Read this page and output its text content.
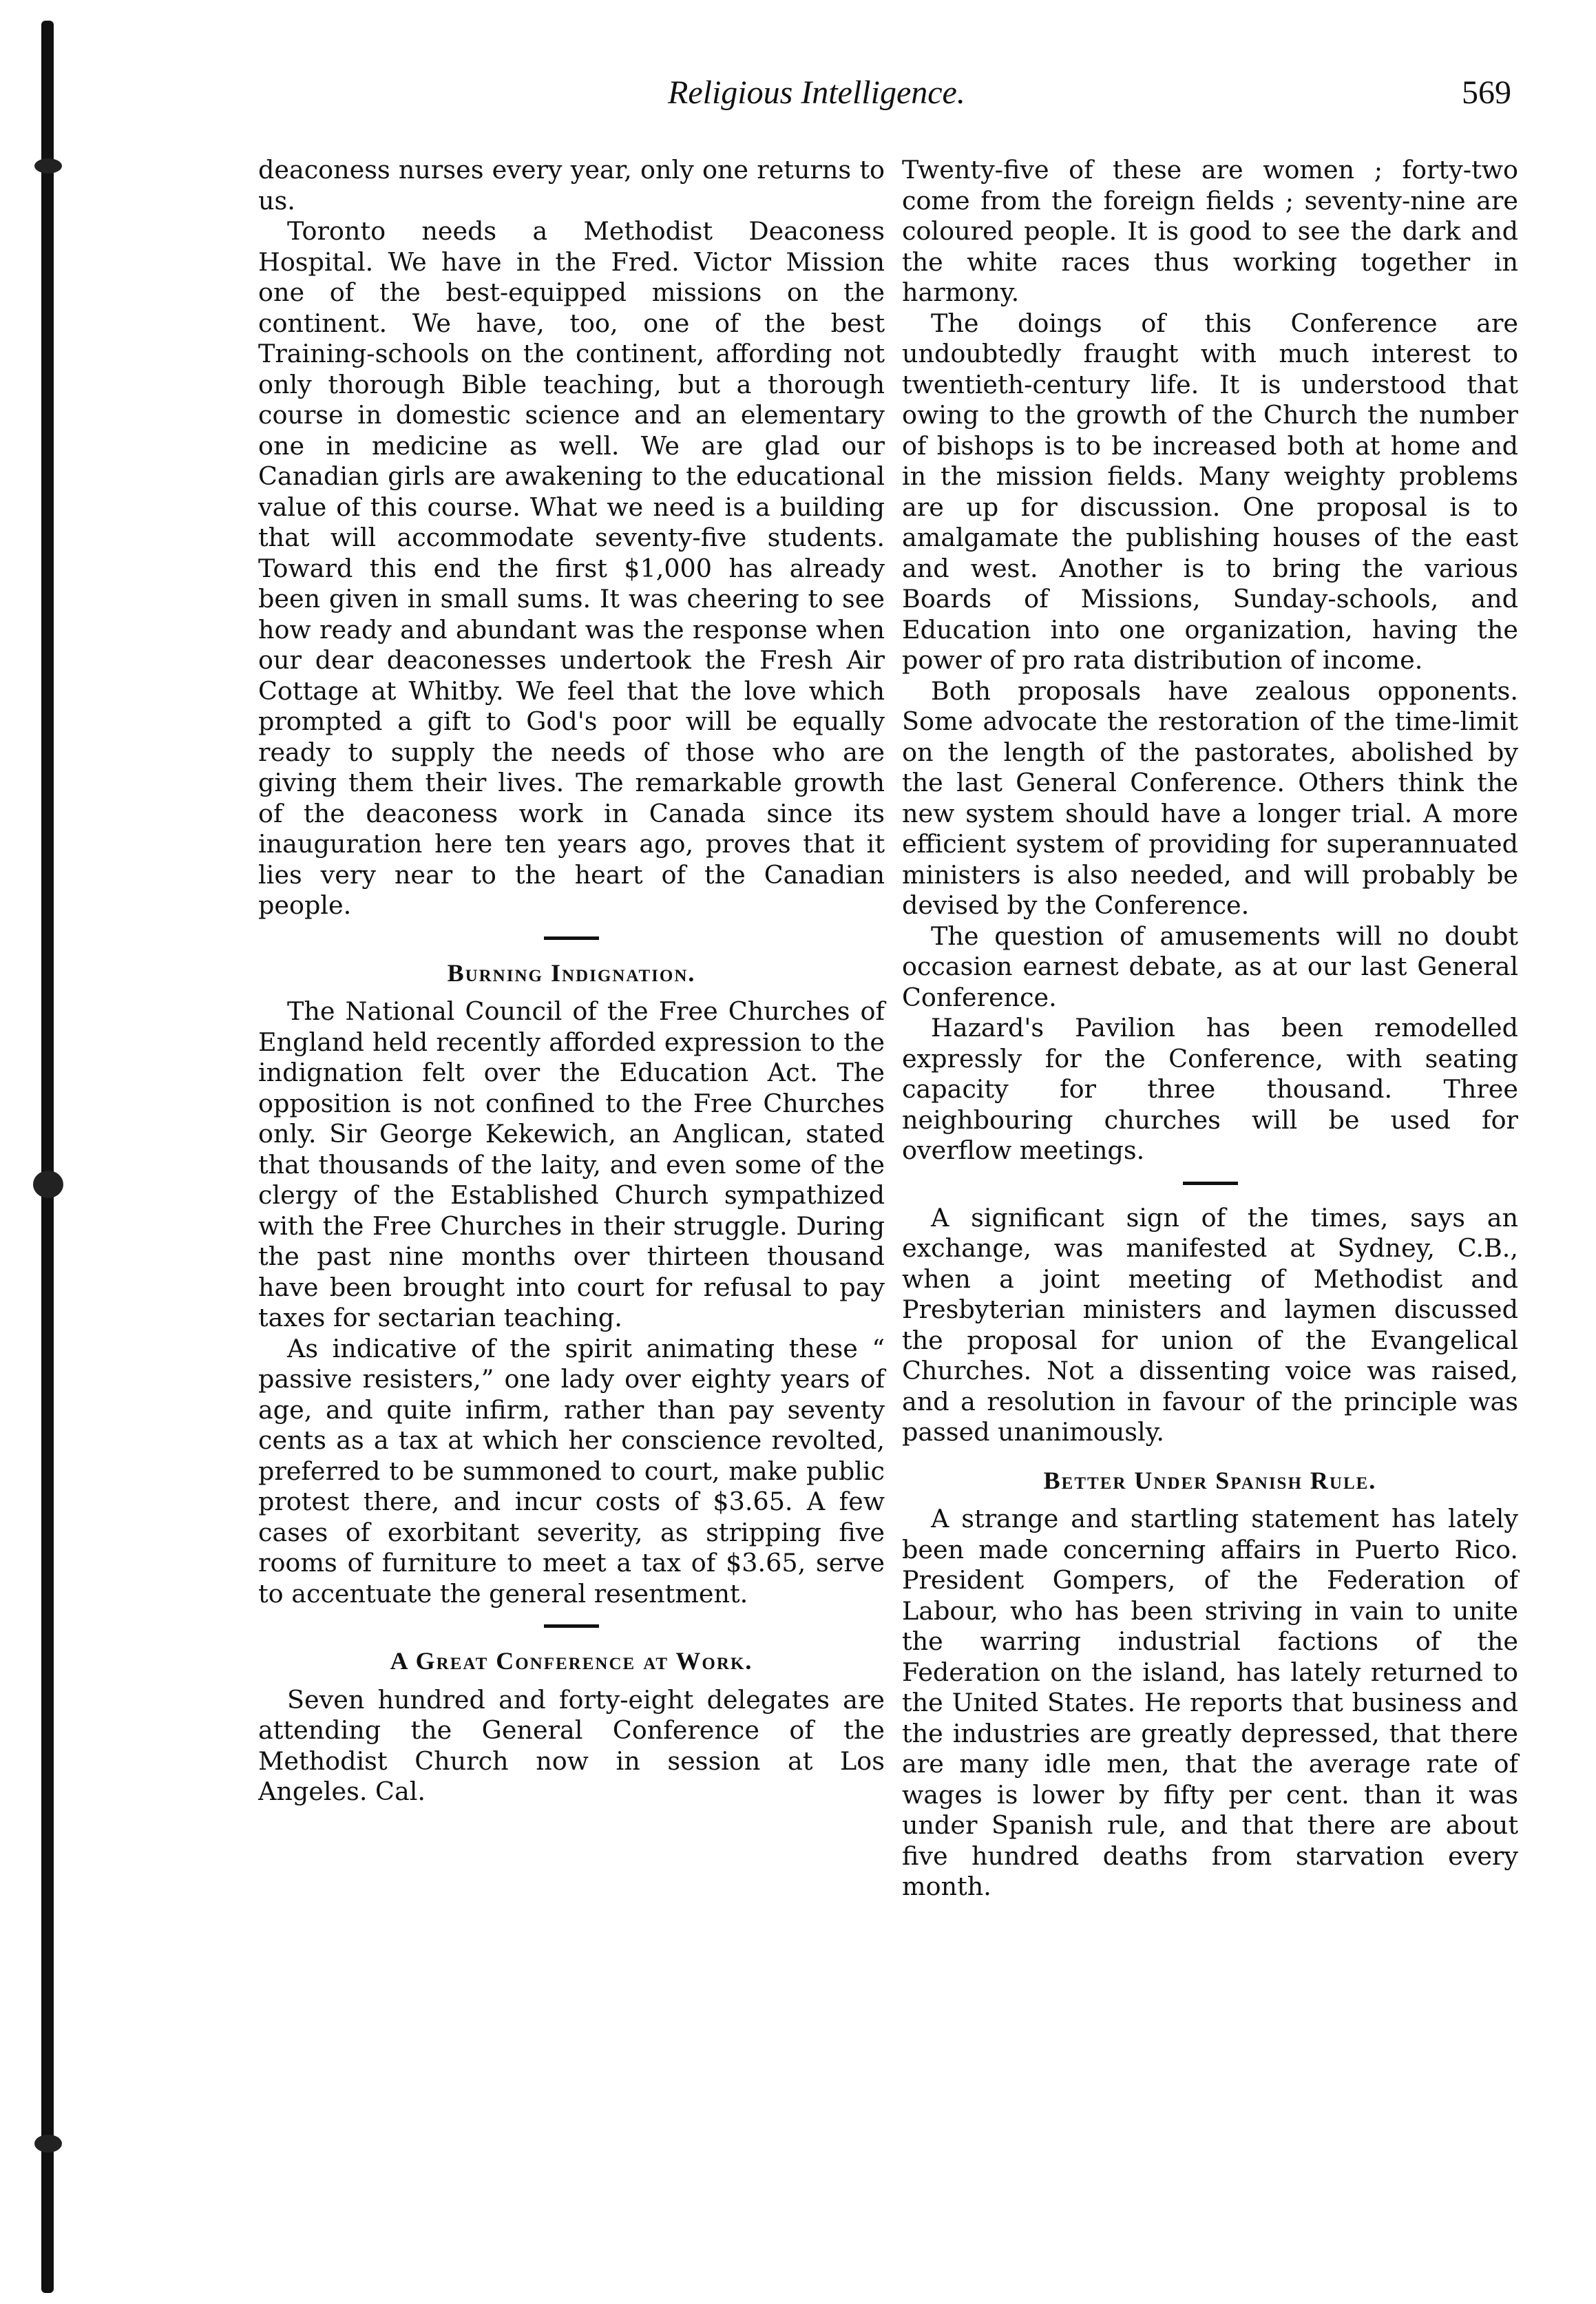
Religious Intelligence.	569

deaconess nurses every year, only one returns to us.

Toronto needs a Methodist Deaconess Hospital. We have in the Fred. Victor Mission one of the best-equipped missions on the continent. We have, too, one of the best Training-schools on the continent, affording not only thorough Bible teaching, but a thorough course in domestic science and an elementary one in medicine as well. We are glad our Canadian girls are awakening to the educational value of this course. What we need is a building that will accommodate seventy-five students. Toward this end the first $1,000 has already been given in small sums. It was cheering to see how ready and abundant was the response when our dear deaconesses undertook the Fresh Air Cottage at Whitby. We feel that the love which prompted a gift to God's poor will be equally ready to supply the needs of those who are giving them their lives. The remarkable growth of the deaconess work in Canada since its inauguration here ten years ago, proves that it lies very near to the heart of the Canadian people.

Burning Indignation.

The National Council of the Free Churches of England held recently afforded expression to the indignation felt over the Education Act. The opposition is not confined to the Free Churches only. Sir George Kekewich, an Anglican, stated that thousands of the laity, and even some of the clergy of the Established Church sympathized with the Free Churches in their struggle. During the past nine months over thirteen thousand have been brought into court for refusal to pay taxes for sectarian teaching.

As indicative of the spirit animating these “ passive resisters,” one lady over eighty years of age, and quite infirm, rather than pay seventy cents as a tax at which her conscience revolted, preferred to be summoned to court, make public protest there, and incur costs of $3.65. A few cases of exorbitant severity, as stripping five rooms of furniture to meet a tax of $3.65, serve to accentuate the general resentment.

A Great Conference at Work.

Seven hundred and forty-eight delegates are attending the General Conference of the Methodist Church now in session at Los Angeles. Cal.

Twenty-five of these are women ; forty-two come from the foreign fields ; seventy-nine are coloured people. It is good to see the dark and the white races thus working together in harmony.

The doings of this Conference are undoubtedly fraught with much interest to twentieth-century life. It is understood that owing to the growth of the Church the number of bishops is to be increased both at home and in the mission fields. Many weighty problems are up for discussion. One proposal is to amalgamate the publishing houses of the east and west. Another is to bring the various Boards of Missions, Sunday-schools, and Education into one organization, having the power of pro rata distribution of income.

Both proposals have zealous opponents. Some advocate the restoration of the time-limit on the length of the pastorates, abolished by the last General Conference. Others think the new system should have a longer trial. A more efficient system of providing for superannuated ministers is also needed, and will probably be devised by the Conference.

The question of amusements will no doubt occasion earnest debate, as at our last General Conference.

Hazard's Pavilion has been remodelled expressly for the Conference, with seating capacity for three thousand. Three neighbouring churches will be used for overflow meetings.

A significant sign of the times, says an exchange, was manifested at Sydney, C.B., when a joint meeting of Methodist and Presbyterian ministers and laymen discussed the proposal for union of the Evangelical Churches. Not a dissenting voice was raised, and a resolution in favour of the principle was passed unanimously.

Better Under Spanish Rule.

A strange and startling statement has lately been made concerning affairs in Puerto Rico. President Gompers, of the Federation of Labour, who has been striving in vain to unite the warring industrial factions of the Federation on the island, has lately returned to the United States. He reports that business and the industries are greatly depressed, that there are many idle men, that the average rate of wages is lower by fifty per cent. than it was under Spanish rule, and that there are about five hundred deaths from starvation every month.
